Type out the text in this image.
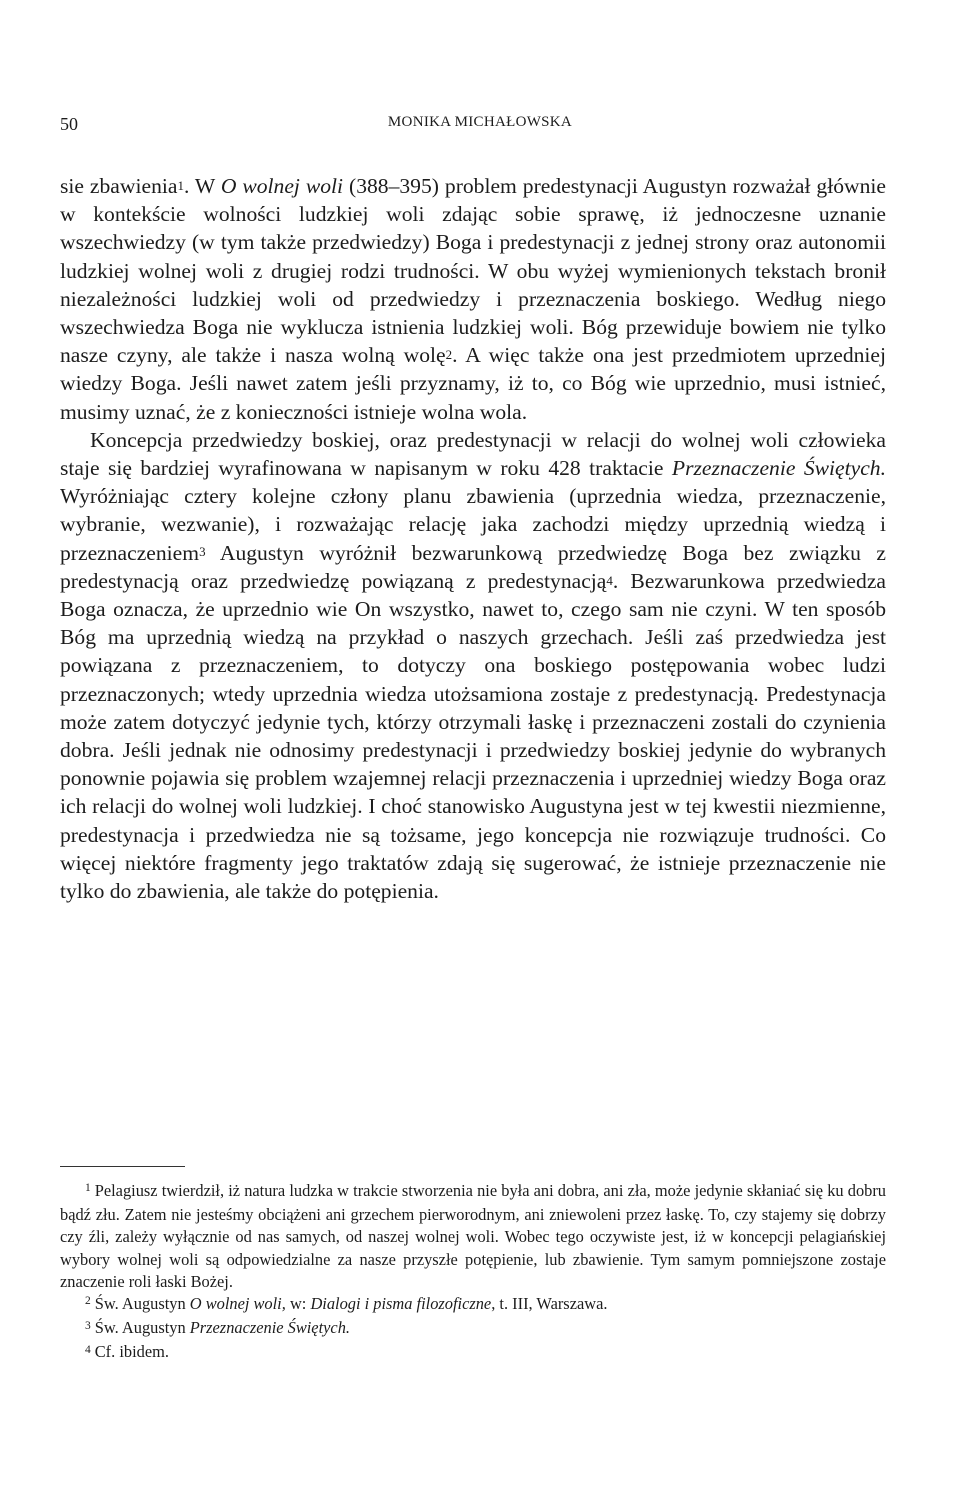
50	MONIKA MICHAŁOWSKA

sie zbawienia$^1$. W O wolnej woli (388–395) problem predestynacji Augustyn rozważał głównie w kontekście wolności ludzkiej woli zdając sobie sprawę, iż jednoczesne uznanie wszechwiedzy (w tym także przedwiedzy) Boga i predestynacji z jednej strony oraz autonomii ludzkiej wolnej woli z drugiej rodzi trudności. W obu wyżej wymienionych tekstach bronił niezależności ludzkiej woli od przedwiedzy i przeznaczenia boskiego. Według niego wszechwiedza Boga nie wyklucza istnienia ludzkiej woli. Bóg przewiduje bowiem nie tylko nasze czyny, ale także i nasza wolną wolę$^2$. A więc także ona jest przedmiotem uprzedniej wiedzy Boga. Jeśli nawet zatem jeśli przyznamy, iż to, co Bóg wie uprzednio, musi istnieć, musimy uznać, że z konieczności istnieje wolna wola.

Koncepcja przedwiedzy boskiej, oraz predestynacji w relacji do wolnej woli człowieka staje się bardziej wyrafinowana w napisanym w roku 428 traktacie Przeznaczenie Świętych. Wyróżniając cztery kolejne człony planu zbawienia (uprzednia wiedza, przeznaczenie, wybranie, wezwanie), i rozważając relację jaka zachodzi między uprzednią wiedzą i przeznaczeniem$^3$ Augustyn wyróżnił bezwarunkową przedwiedzę Boga bez związku z predestynacją oraz przedwiedzę powiązaną z predestynacją$^4$. Bezwarunkowa przedwiedza Boga oznacza, że uprzednio wie On wszystko, nawet to, czego sam nie czyni. W ten sposób Bóg ma uprzednią wiedzą na przykład o naszych grzechach. Jeśli zaś przedwiedza jest powiązana z przeznaczeniem, to dotyczy ona boskiego postępowania wobec ludzi przeznaczonych; wtedy uprzednia wiedza utożsamiona zostaje z predestynacją. Predestynacja może zatem dotyczyć jedynie tych, którzy otrzymali łaskę i przeznaczeni zostali do czynienia dobra. Jeśli jednak nie odnosimy predestynacji i przedwiedzy boskiej jedynie do wybranych ponownie pojawia się problem wzajemnej relacji przeznaczenia i uprzedniej wiedzy Boga oraz ich relacji do wolnej woli ludzkiej. I choć stanowisko Augustyna jest w tej kwestii niezmienne, predestynacja i przedwiedza nie są tożsame, jego koncepcja nie rozwiązuje trudności. Co więcej niektóre fragmenty jego traktatów zdają się sugerować, że istnieje przeznaczenie nie tylko do zbawienia, ale także do potępienia.

$^1$ Pelagiusz twierdził, iż natura ludzka w trakcie stworzenia nie była ani dobra, ani zła, może jedynie skłaniać się ku dobru bądź złu. Zatem nie jesteśmy obciążeni ani grzechem pierworodnym, ani zniewoleni przez łaskę. To, czy stajemy się dobrzy czy źli, zależy wyłącznie od nas samych, od naszej wolnej woli. Wobec tego oczywiste jest, iż w koncepcji pelagiańskiej wybory wolnej woli są odpowiedzialne za nasze przyszłe potępienie, lub zbawienie. Tym samym pomniejszone zostaje znaczenie roli łaski Bożej.

$^2$ Św. Augustyn O wolnej woli, w: Dialogi i pisma filozoficzne, t. III, Warszawa.

$^3$ Św. Augustyn Przeznaczenie Świętych.

$^4$ Cf. ibidem.
